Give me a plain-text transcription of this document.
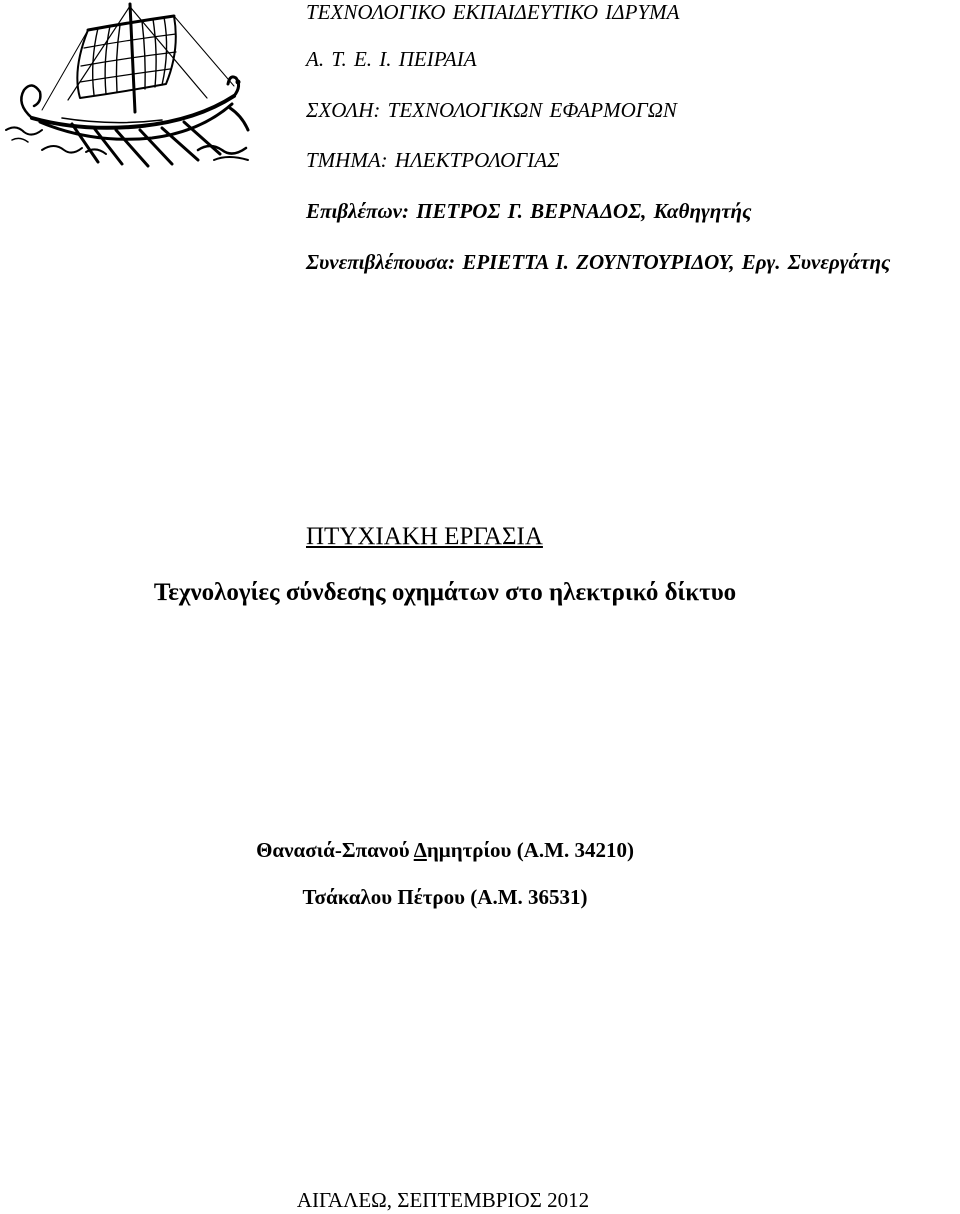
ΤΕΧΝΟΛΟΓΙΚΟ ΕΚΠΑΙΔΕΥΤΙΚΟ ΙΔΡΥΜΑ
Α. Τ. Ε. Ι. ΠΕΙΡΑΙΑ
ΣΧΟΛΗ: ΤΕΧΝΟΛΟΓΙΚΩΝ ΕΦΑΡΜΟΓΩΝ
ΤΜΗΜΑ: ΗΛΕΚΤΡΟΛΟΓΙΑΣ
Επιβλέπων: ΠΕΤΡΟΣ Γ. ΒΕΡΝΑΔΟΣ, Καθηγητής
Συνεπιβλέπουσα: ΕΡΙΕΤΤΑ Ι. ΖΟΥΝΤΟΥΡΙΔΟΥ, Εργ. Συνεργάτης
ΠΤΥΧΙΑΚΗ ΕΡΓΑΣΙΑ
Τεχνολογίες σύνδεσης οχημάτων στο ηλεκτρικό δίκτυο
Θανασιά-Σπανού Δημητρίου (Α.Μ. 34210)
Τσάκαλου Πέτρου (Α.Μ. 36531)
ΑΙΓΑΛΕΩ, ΣΕΠΤΕΜΒΡΙΟΣ 2012
